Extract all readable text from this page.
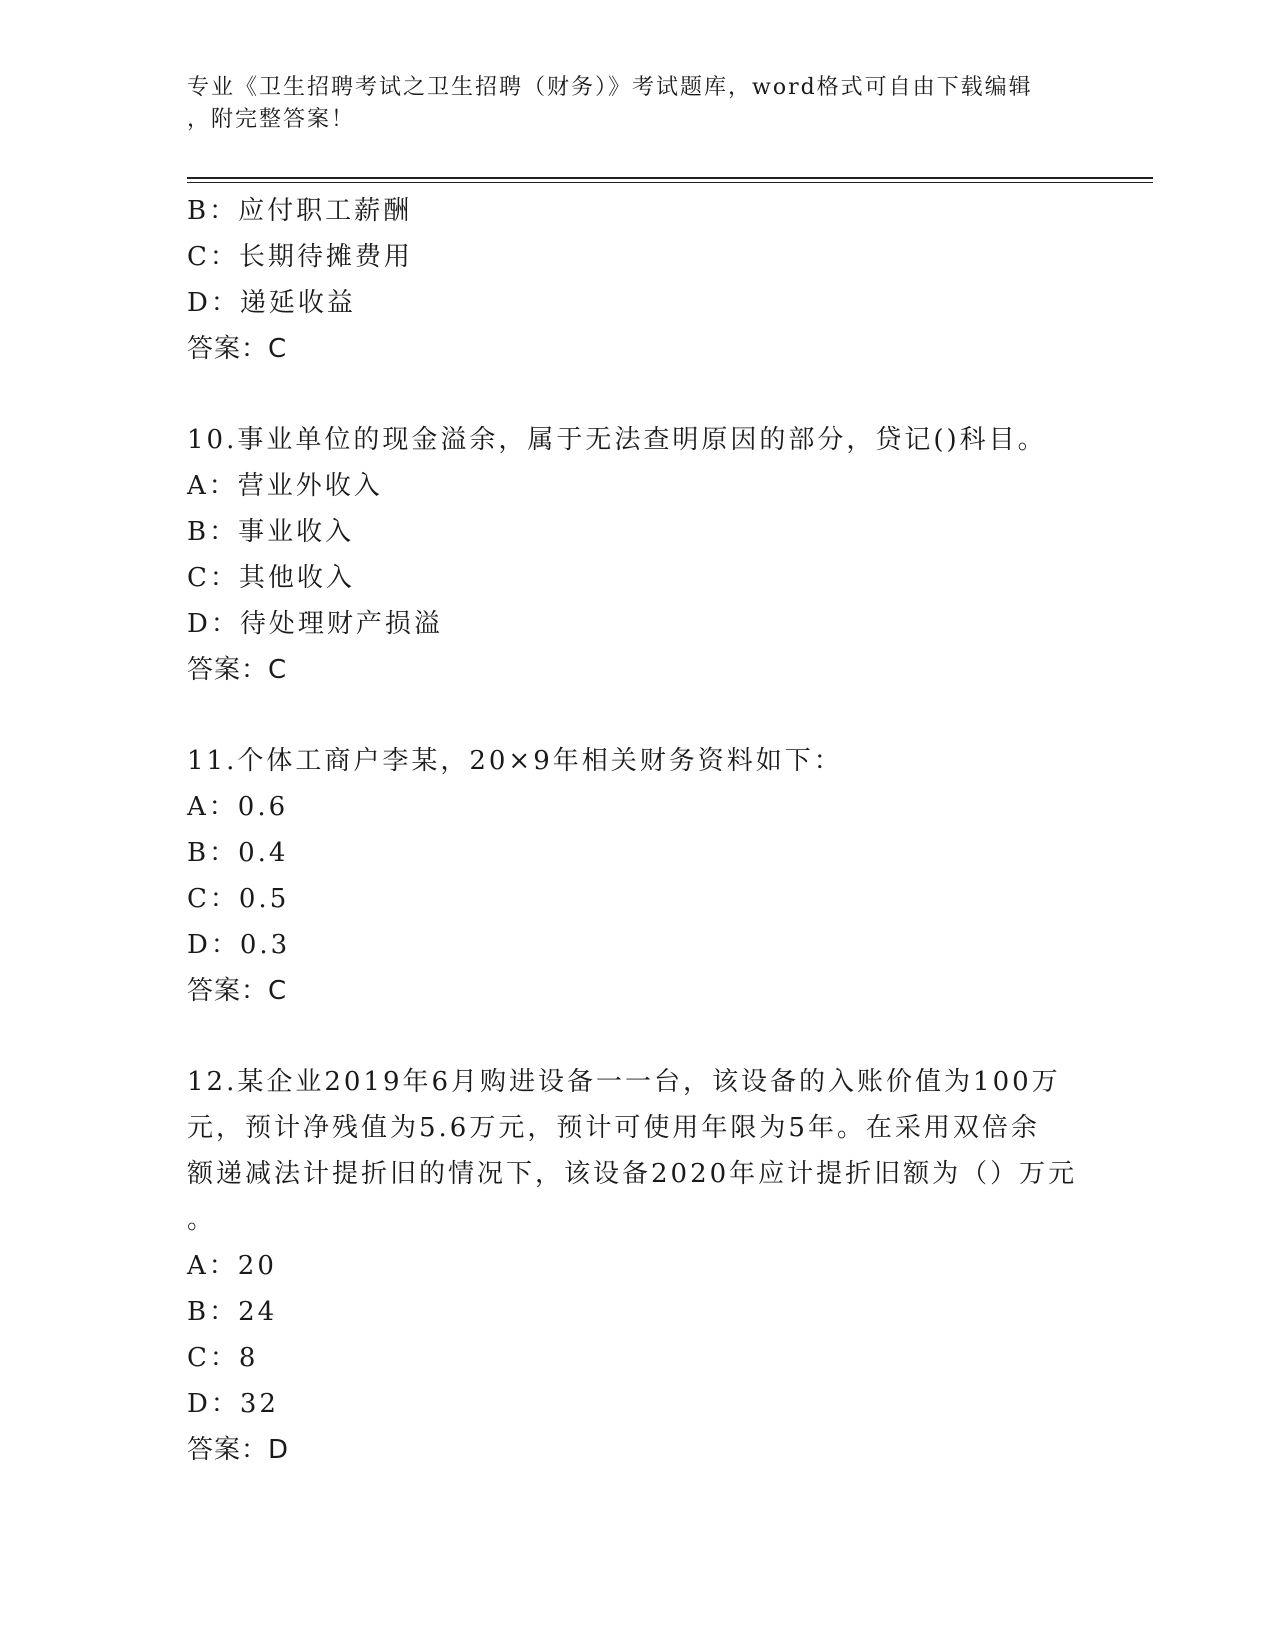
专业《卫生招聘考试之卫生招聘（财务）》考试题库，word格式可自由下载编辑
，附完整答案！
B：应付职工薪酬
C：长期待摊费用
D：递延收益
答案：C
10.事业单位的现金溢余，属于无法查明原因的部分，贷记()科目。
A：营业外收入
B：事业收入
C：其他收入
D：待处理财产损溢
答案：C
11.个体工商户李某，20×9年相关财务资料如下：
A：0.6
B：0.4
C：0.5
D：0.3
答案：C
12.某企业2019年6月购进设备一一台，该设备的入账价值为100万
元，预计净残值为5.6万元，预计可使用年限为5年。在采用双倍余
额递减法计提折旧的情况下，该设备2020年应计提折旧额为（）万元
。
A：20
B：24
C：8
D：32
答案：D
